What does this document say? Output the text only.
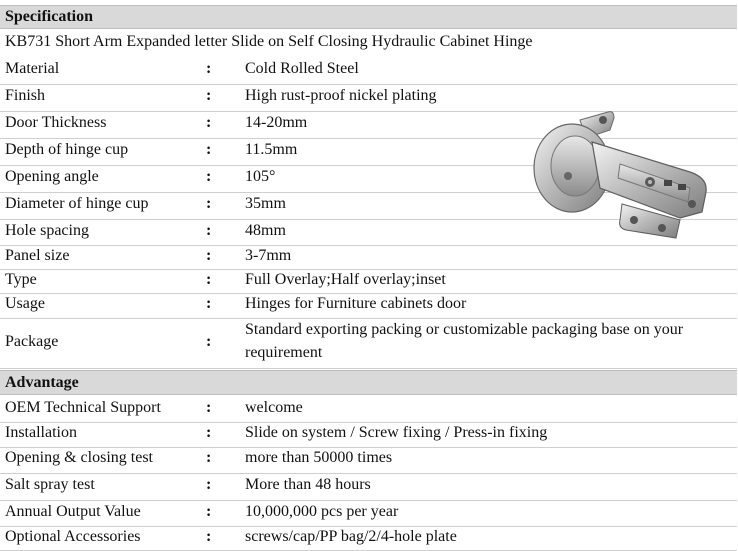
Specification
KB731 Short Arm Expanded letter Slide on Self Closing Hydraulic Cabinet Hinge
Material	: Cold Rolled Steel
Finish	: High rust-proof nickel plating
Door Thickness	: 14-20mm
Depth of hinge cup	: 11.5mm
Opening angle	: 105°
Diameter of hinge cup	: 35mm
Hole spacing	: 48mm
Panel size	: 3-7mm
Type	: Full Overlay;Half overlay;inset
Usage	: Hinges for Furniture cabinets door
Package	:
Standard exporting packing or customizable packaging base on your
requirement
Advantage
OEM Technical Support	: welcome
Installation	: Slide on system / Screw fixing / Press-in fixing
Opening & closing test	: more than 50000 times
Salt spray test	: More than 48 hours
Annual Output Value	: 10,000,000 pcs per year
Optional Accessories	: screws/cap/PP bag/2/4-hole plate
